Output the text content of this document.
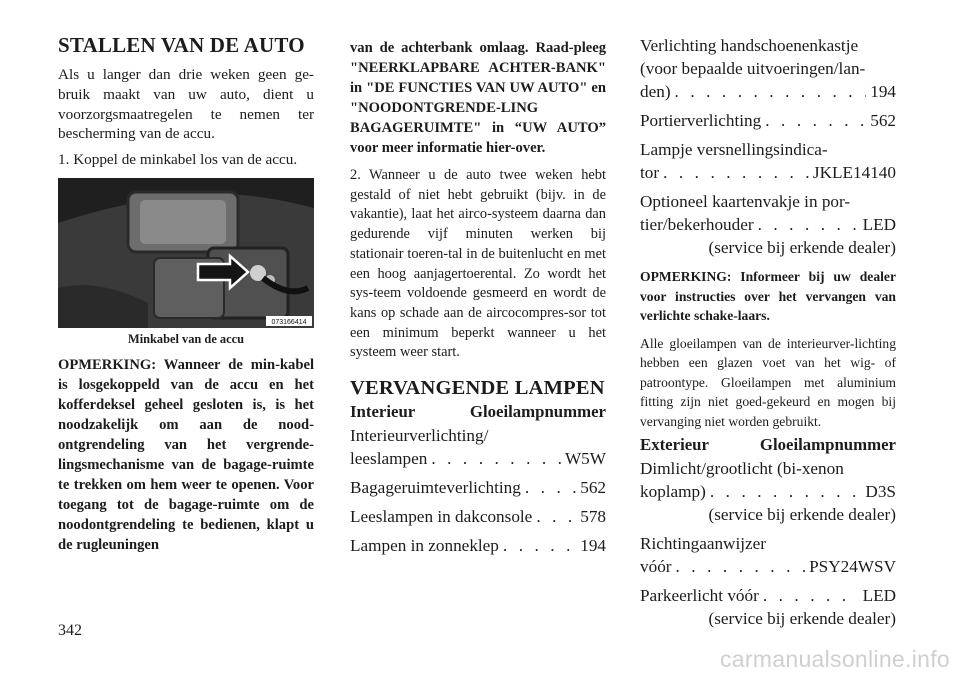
STALLEN VAN DE AUTO

Als u langer dan drie weken geen ge-bruik maakt van uw auto, dient u voorzorgsmaatregelen te nemen ter bescherming van de accu.

1. Koppel de minkabel los van de accu.

073166414
Minkabel van de accu

OPMERKING: Wanneer de min-kabel is losgekoppeld van de accu en het kofferdeksel geheel gesloten is, is het noodzakelijk om aan de nood-ontgrendeling van het vergrende-lingsmechanisme van de bagage-ruimte te trekken om hem weer te openen. Voor toegang tot de bagage-ruimte om de noodontgrendeling te bedienen, klapt u de rugleuningen

van de achterbank omlaag. Raad-pleeg "NEERKLAPBARE ACHTER-BANK" in "DE FUNCTIES VAN UW AUTO" en "NOODONTGRENDE-LING BAGAGERUIMTE" in “UW AUTO” voor meer informatie hier-over.

2. Wanneer u de auto twee weken hebt gestald of niet hebt gebruikt (bijv. in de vakantie), laat het airco-systeem daarna dan gedurende vijf minuten werken bij stationair toeren-tal in de buitenlucht en met een hoog aanjagertoerental. Zo wordt het sys-teem voldoende gesmeerd en wordt de kans op schade aan de aircocompres-sor tot een minimum beperkt wanneer u het systeem weer start.

VERVANGENDE LAMPEN
Interieur	Gloeilampnummer
Interieurverlichting/
leeslampen . . .	W5W
Bagageruimteverlichting . . .	562
Leeslampen in dakconsole . . .	578
Lampen in zonneklep . . .	194
Verlichting handschoenenkastje
(voor bepaalde uitvoeringen/lan-
den) . . .	194
Portierverlichting . . .	562
Lampje versnellingsindica-
tor . . .	JKLE14140
Optioneel kaartenvakje in por-
tier/bekerhouder . . .	LED
(service bij erkende dealer)

OPMERKING: Informeer bij uw dealer voor instructies over het vervangen van verlichte schake-laars.

Alle gloeilampen van de interieurver-lichting hebben een glazen voet van het wig- of patroontype. Gloeilampen met aluminium fitting zijn niet goed-gekeurd en mogen bij vervanging niet worden gebruikt.

Exterieur	Gloeilampnummer
Dimlicht/grootlicht (bi-xenon
koplamp) . . .	D3S
(service bij erkende dealer)
Richtingaanwijzer
vóór . . .	PSY24WSV
Parkeerlicht vóór . . .	LED
(service bij erkende dealer)
342
carmanualsonline.info
